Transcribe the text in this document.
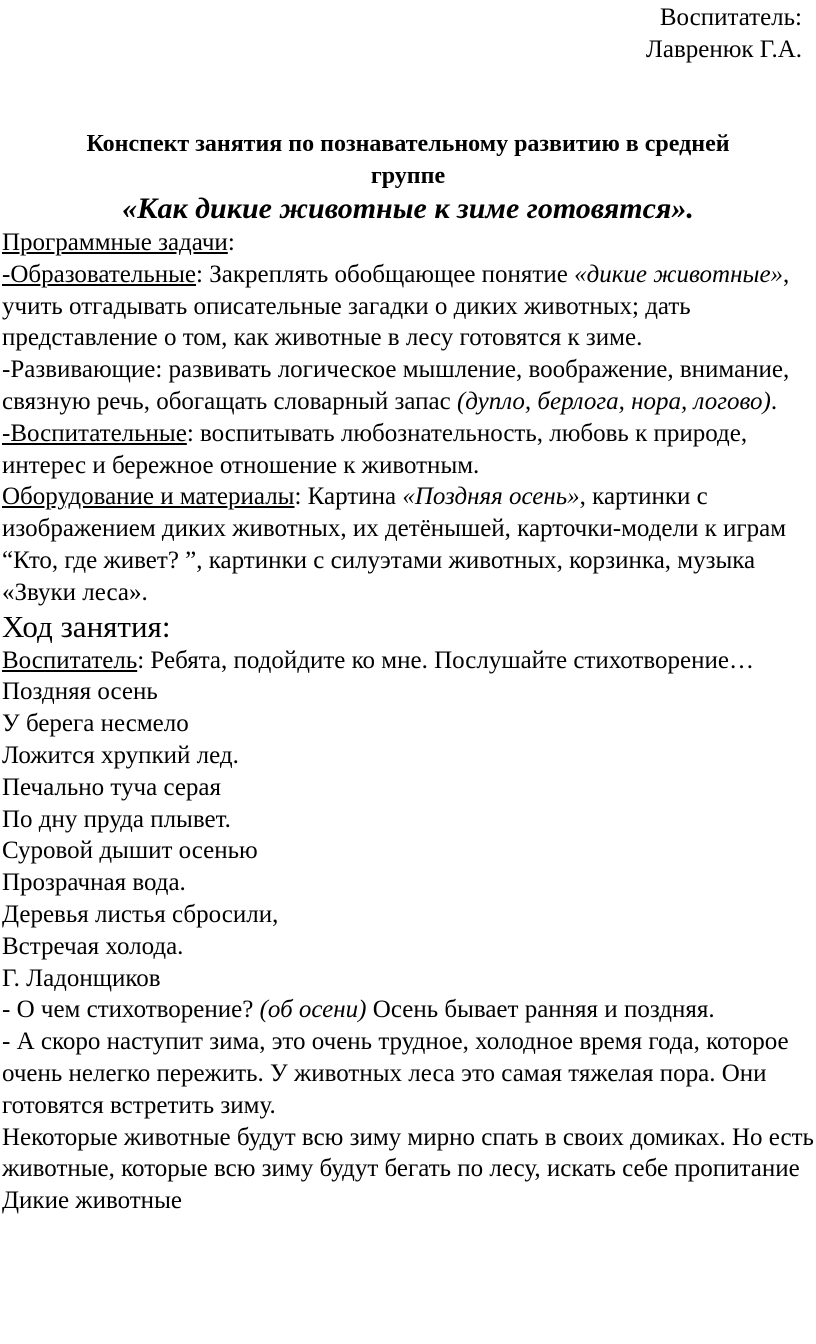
Воспитатель:
Лавренюк Г.А.
Конспект занятия по познавательному развитию в средней
группе
«Как дикие животные к зиме готовятся».

Программные задачи:

-Образовательные: Закреплять обобщающее понятие «дикие животные», учить отгадывать описательные загадки о диких животных; дать представление о том, как животные в лесу готовятся к зиме.

-Развивающие: развивать логическое мышление, воображение, внимание, связную речь, обогащать словарный запас (дупло, берлога, нора, логово).

-Воспитательные: воспитывать любознательность, любовь к природе, интерес и бережное отношение к животным.

Оборудование и материалы: Картина «Поздняя осень», картинки с изображением диких животных, их детёнышей, карточки-модели к играм “Кто, где живет? ”, картинки с силуэтами животных, корзинка, музыка «Звуки леса».

Ход занятия:

Воспитатель: Ребята, подойдите ко мне. Послушайте стихотворение…

Поздняя осень

У берега несмело

Ложится хрупкий лед.

Печально туча серая

По дну пруда плывет.

Суровой дышит осенью

Прозрачная вода.

Деревья листья сбросили,

Встречая холода.

Г. Ладонщиков

- О чем стихотворение? (об осени) Осень бывает ранняя и поздняя.

- А скоро наступит зима, это очень трудное, холодное время года, которое очень нелегко пережить. У животных леса это самая тяжелая пора. Они готовятся встретить зиму.

Некоторые животные будут всю зиму мирно спать в своих домиках. Но есть животные, которые всю зиму будут бегать по лесу, искать себе пропитание

Дикие животные
